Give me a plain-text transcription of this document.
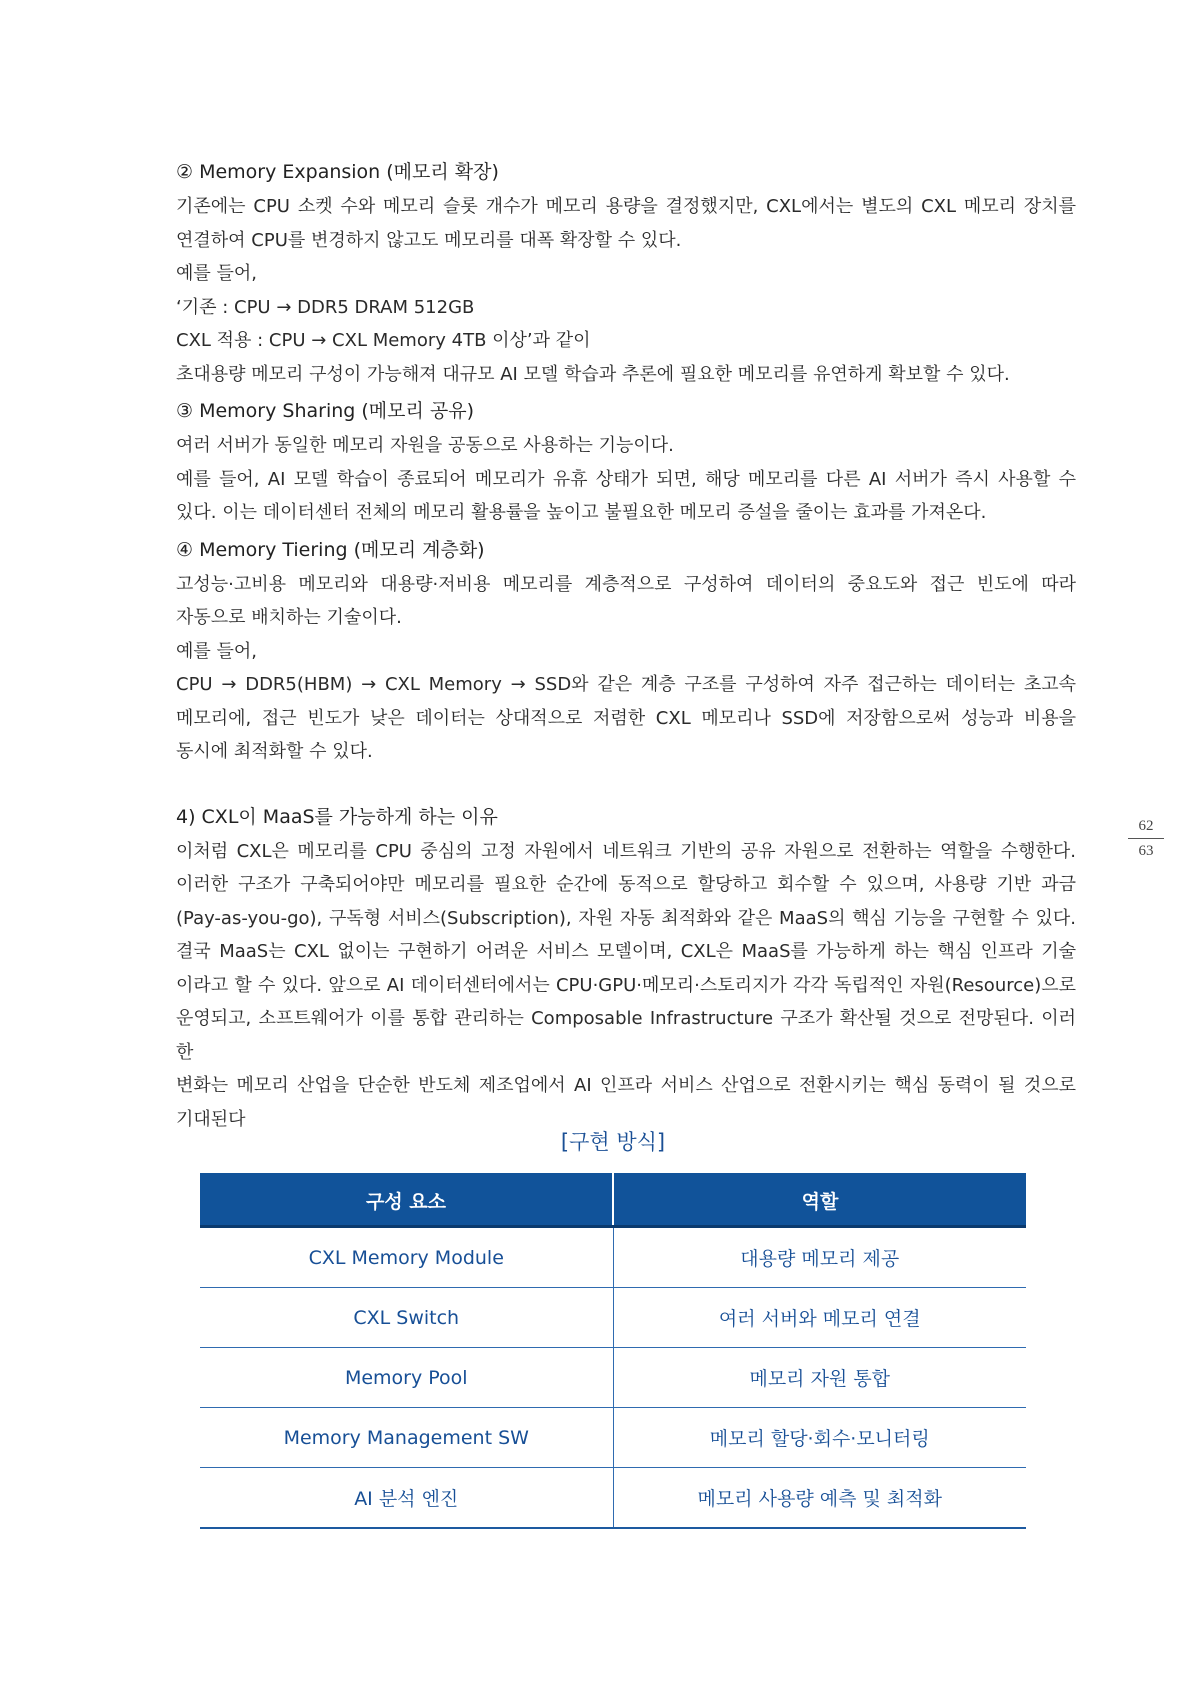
② Memory Expansion (메모리 확장)

기존에는 CPU 소켓 수와 메모리 슬롯 개수가 메모리 용량을 결정했지만, CXL에서는 별도의 CXL 메모리 장치를

연결하여 CPU를 변경하지 않고도 메모리를 대폭 확장할 수 있다.

예를 들어,

‘기존 : CPU → DDR5 DRAM 512GB

CXL 적용 : CPU → CXL Memory 4TB 이상’과 같이

초대용량 메모리 구성이 가능해져 대규모 AI 모델 학습과 추론에 필요한 메모리를 유연하게 확보할 수 있다.

③ Memory Sharing (메모리 공유)

여러 서버가 동일한 메모리 자원을 공동으로 사용하는 기능이다.

예를 들어, AI 모델 학습이 종료되어 메모리가 유휴 상태가 되면, 해당 메모리를 다른 AI 서버가 즉시 사용할 수

있다. 이는 데이터센터 전체의 메모리 활용률을 높이고 불필요한 메모리 증설을 줄이는 효과를 가져온다.

④ Memory Tiering (메모리 계층화)

고성능·고비용 메모리와 대용량·저비용 메모리를 계층적으로 구성하여 데이터의 중요도와 접근 빈도에 따라

자동으로 배치하는 기술이다.

예를 들어,

CPU → DDR5(HBM) → CXL Memory → SSD와 같은 계층 구조를 구성하여 자주 접근하는 데이터는 초고속

메모리에, 접근 빈도가 낮은 데이터는 상대적으로 저렴한 CXL 메모리나 SSD에 저장함으로써 성능과 비용을

동시에 최적화할 수 있다.

4) CXL이 MaaS를 가능하게 하는 이유

이처럼 CXL은 메모리를 CPU 중심의 고정 자원에서 네트워크 기반의 공유 자원으로 전환하는 역할을 수행한다.

이러한 구조가 구축되어야만 메모리를 필요한 순간에 동적으로 할당하고 회수할 수 있으며, 사용량 기반 과금

(Pay-as-you-go), 구독형 서비스(Subscription), 자원 자동 최적화와 같은 MaaS의 핵심 기능을 구현할 수 있다.

결국 MaaS는 CXL 없이는 구현하기 어려운 서비스 모델이며, CXL은 MaaS를 가능하게 하는 핵심 인프라 기술

이라고 할 수 있다. 앞으로 AI 데이터센터에서는 CPU·GPU·메모리·스토리지가 각각 독립적인 자원(Resource)으로

운영되고, 소프트웨어가 이를 통합 관리하는 Composable Infrastructure 구조가 확산될 것으로 전망된다. 이러한

변화는 메모리 산업을 단순한 반도체 제조업에서 AI 인프라 서비스 산업으로 전환시키는 핵심 동력이 될 것으로

기대된다

62
63
[구현 방식]
구성 요소	역할
CXL Memory Module	대용량 메모리 제공
CXL Switch	여러 서버와 메모리 연결
Memory Pool	메모리 자원 통합
Memory Management SW	메모리 할당·회수·모니터링
AI 분석 엔진	메모리 사용량 예측 및 최적화
